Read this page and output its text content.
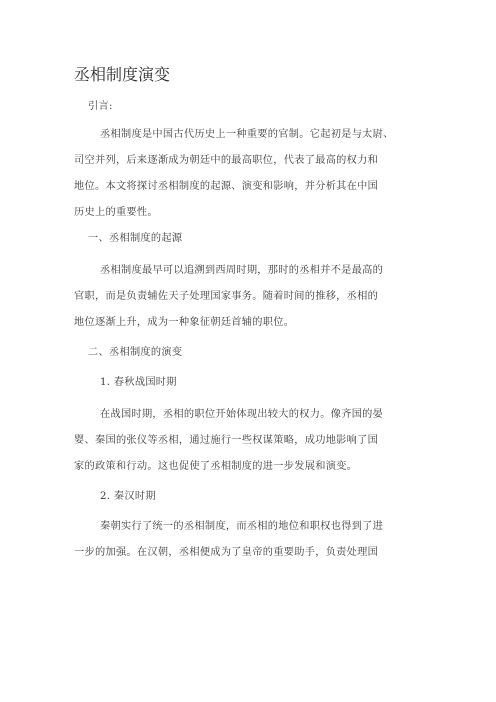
丞相制度演变
引言:
丞相制度是中国古代历史上一种重要的官制。它起初是与太尉、
司空并列，后来逐渐成为朝廷中的最高职位，代表了最高的权力和
地位。本文将探讨丞相制度的起源、演变和影响，并分析其在中国
历史上的重要性。
一、丞相制度的起源
丞相制度最早可以追溯到西周时期，那时的丞相并不是最高的
官职，而是负责辅佐天子处理国家事务。随着时间的推移，丞相的
地位逐渐上升，成为一种象征朝廷首辅的职位。
二、丞相制度的演变
1. 春秋战国时期
在战国时期，丞相的职位开始体现出较大的权力。像齐国的晏
婴、秦国的张仪等丞相，通过施行一些权谋策略，成功地影响了国
家的政策和行动。这也促使了丞相制度的进一步发展和演变。
2. 秦汉时期
秦朝实行了统一的丞相制度，而丞相的地位和职权也得到了进
一步的加强。在汉朝，丞相便成为了皇帝的重要助手，负责处理国
